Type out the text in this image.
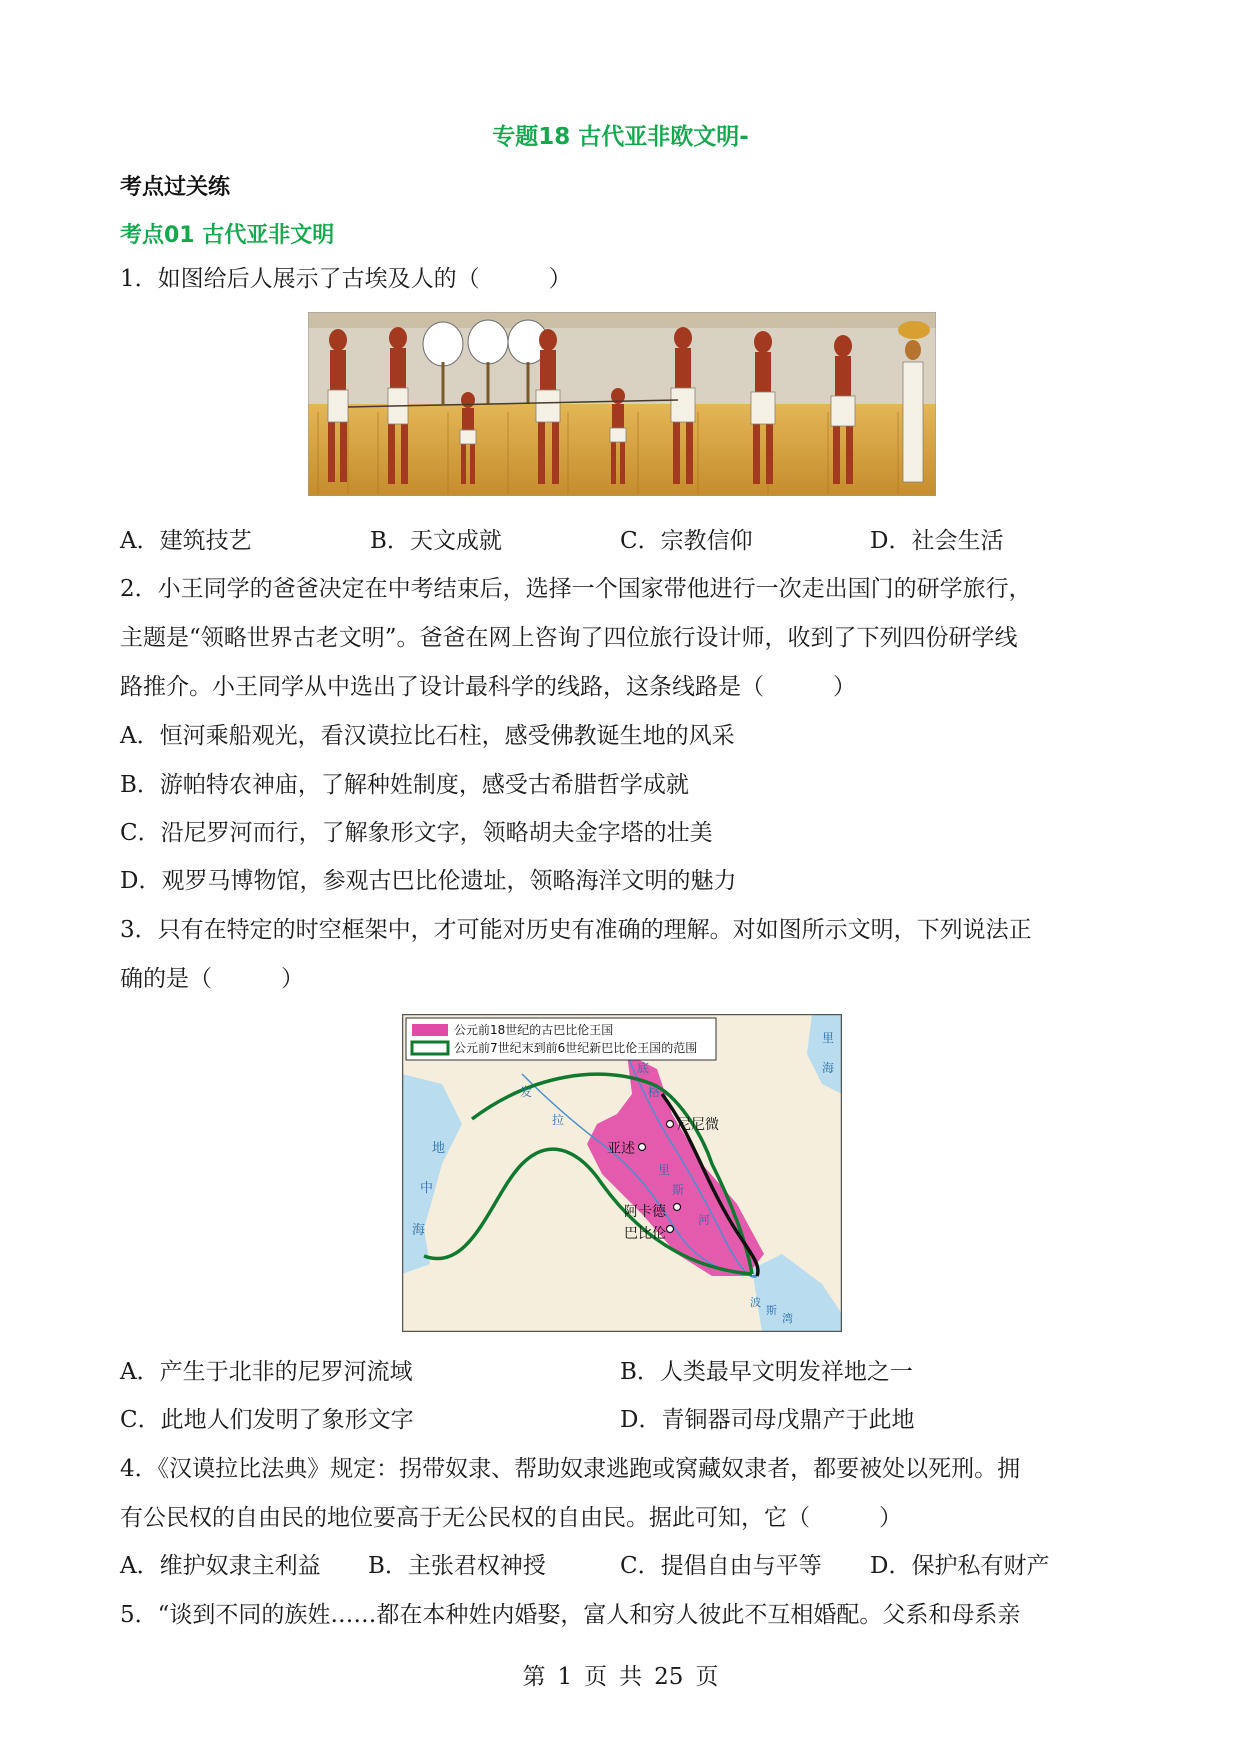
专题18 古代亚非欧文明-
考点过关练
考点01 古代亚非文明
1．如图给后人展示了古埃及人的（　　　）
A．建筑技艺	B．天文成就	C．宗教信仰	D．社会生活
2．小王同学的爸爸决定在中考结束后，选择一个国家带他进行一次走出国门的研学旅行，
主题是“领略世界古老文明”。爸爸在网上咨询了四位旅行设计师，收到了下列四份研学线
路推介。小王同学从中选出了设计最科学的线路，这条线路是（　　　）
A．恒河乘船观光，看汉谟拉比石柱，感受佛教诞生地的风采
B．游帕特农神庙，了解种姓制度，感受古希腊哲学成就
C．沿尼罗河而行，了解象形文字，领略胡夫金字塔的壮美
D．观罗马博物馆，参观古巴比伦遗址，领略海洋文明的魅力
3．只有在特定的时空框架中，才可能对历史有准确的理解。对如图所示文明，下列说法正
确的是（　　　）
公元前18世纪的古巴比伦王国
公元前7世纪末到前6世纪新巴比伦王国的范围
尼尼微
亚述
阿卡德
巴比伦
地
中
海
发
拉
底
格
里
斯
河
里
海
波
斯
湾
A．产生于北非的尼罗河流域	B．人类最早文明发祥地之一
C．此地人们发明了象形文字	D．青铜器司母戊鼎产于此地
4．《汉谟拉比法典》规定：拐带奴隶、帮助奴隶逃跑或窝藏奴隶者，都要被处以死刑。拥
有公民权的自由民的地位要高于无公民权的自由民。据此可知，它（　　　）
A．维护奴隶主利益 B．主张君权神授	C．提倡自由与平等 D．保护私有财产
5．“谈到不同的族姓……都在本种姓内婚娶，富人和穷人彼此不互相婚配。父系和母系亲
第 1 页 共 25 页
